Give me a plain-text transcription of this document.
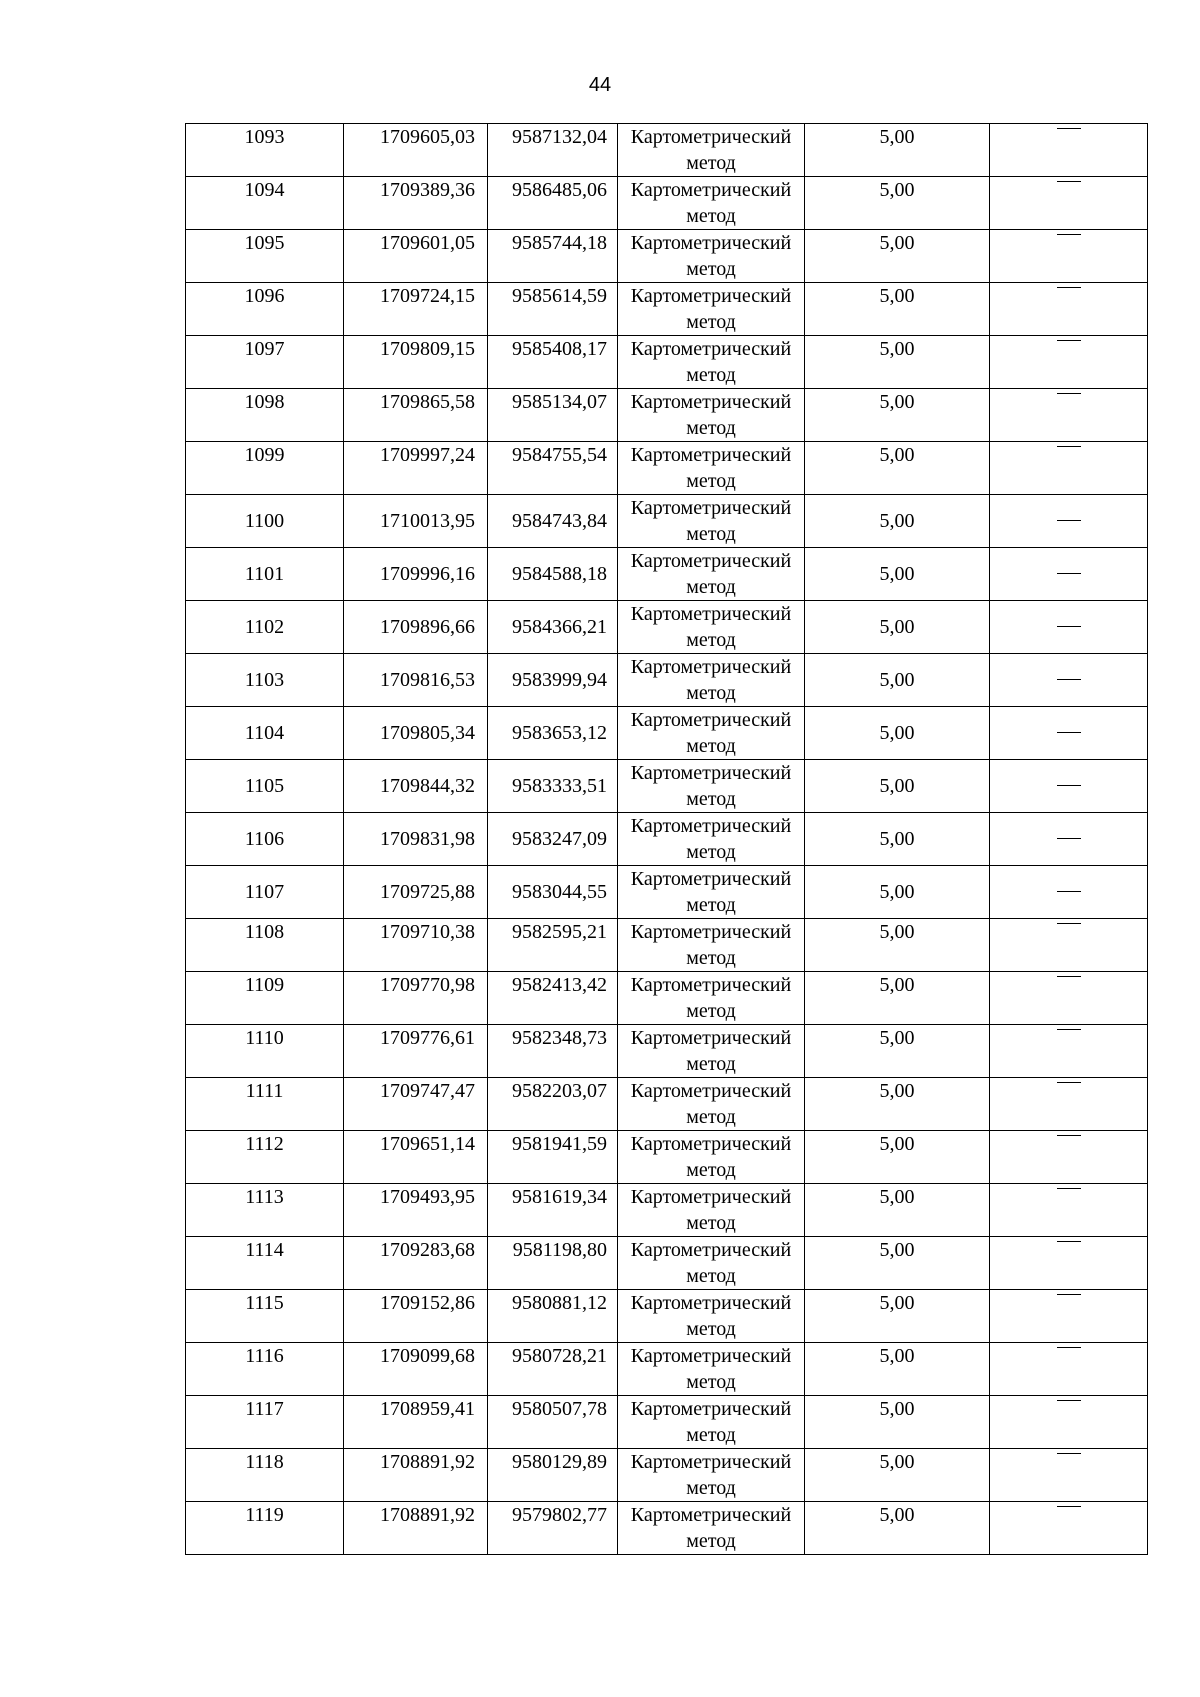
44
1093	1709605,03	9587132,04	Картометрический метод	5,00	
1094	1709389,36	9586485,06	Картометрический метод	5,00	
1095	1709601,05	9585744,18	Картометрический метод	5,00	
1096	1709724,15	9585614,59	Картометрический метод	5,00	
1097	1709809,15	9585408,17	Картометрический метод	5,00	
1098	1709865,58	9585134,07	Картометрический метод	5,00	
1099	1709997,24	9584755,54	Картометрический метод	5,00	
1100	1710013,95	9584743,84	Картометрический метод	5,00	
1101	1709996,16	9584588,18	Картометрический метод	5,00	
1102	1709896,66	9584366,21	Картометрический метод	5,00	
1103	1709816,53	9583999,94	Картометрический метод	5,00	
1104	1709805,34	9583653,12	Картометрический метод	5,00	
1105	1709844,32	9583333,51	Картометрический метод	5,00	
1106	1709831,98	9583247,09	Картометрический метод	5,00	
1107	1709725,88	9583044,55	Картометрический метод	5,00	
1108	1709710,38	9582595,21	Картометрический метод	5,00	
1109	1709770,98	9582413,42	Картометрический метод	5,00	
1110	1709776,61	9582348,73	Картометрический метод	5,00	
1111	1709747,47	9582203,07	Картометрический метод	5,00	
1112	1709651,14	9581941,59	Картометрический метод	5,00	
1113	1709493,95	9581619,34	Картометрический метод	5,00	
1114	1709283,68	9581198,80	Картометрический метод	5,00	
1115	1709152,86	9580881,12	Картометрический метод	5,00	
1116	1709099,68	9580728,21	Картометрический метод	5,00	
1117	1708959,41	9580507,78	Картометрический метод	5,00	
1118	1708891,92	9580129,89	Картометрический метод	5,00	
1119	1708891,92	9579802,77	Картометрический метод	5,00	
